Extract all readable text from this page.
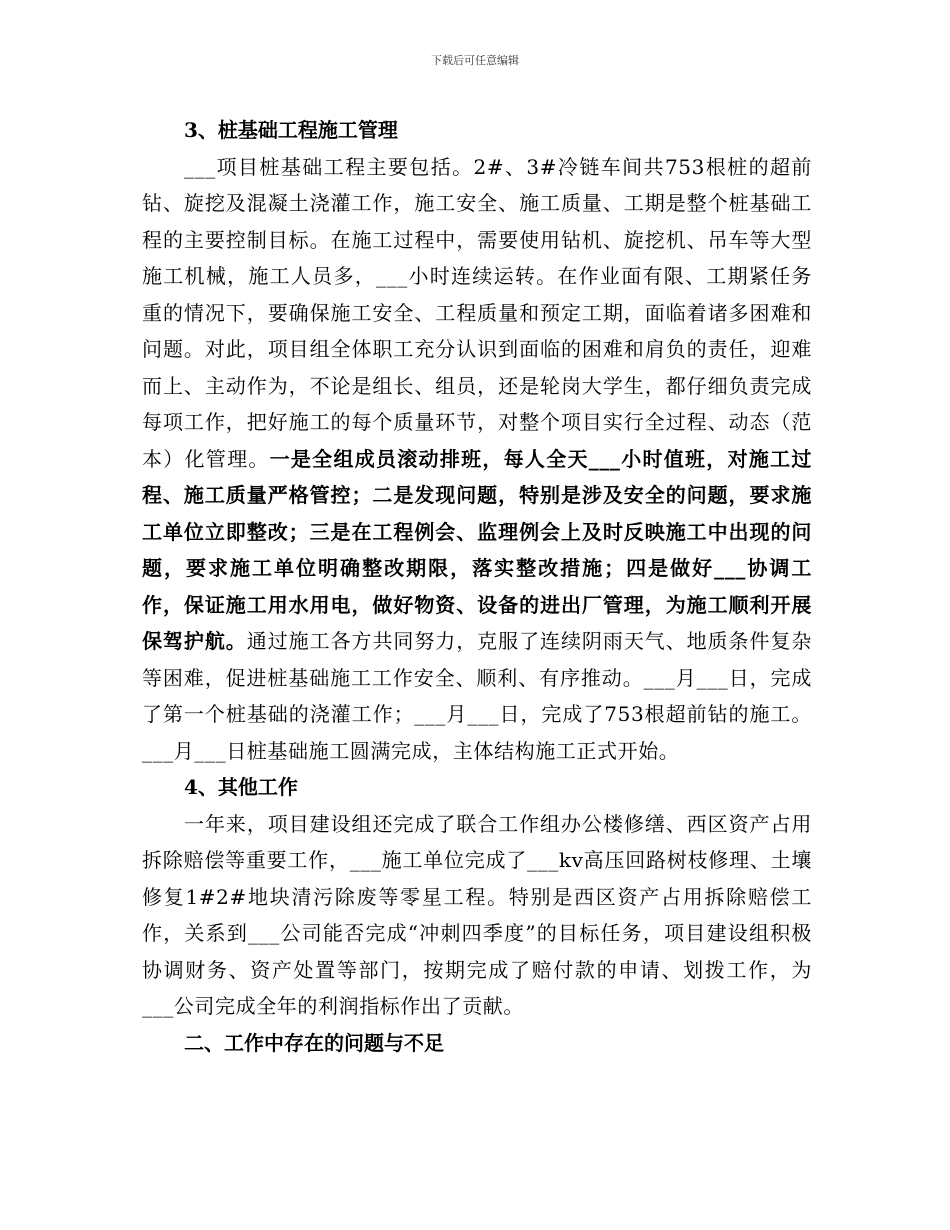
下载后可任意编辑

3、桩基础工程施工管理

___项目桩基础工程主要包括。2#、3#冷链车间共753根桩的超前钻、旋挖及混凝土浇灌工作，施工安全、施工质量、工期是整个桩基础工程的主要控制目标。在施工过程中，需要使用钻机、旋挖机、吊车等大型施工机械，施工人员多，___小时连续运转。在作业面有限、工期紧任务重的情况下，要确保施工安全、工程质量和预定工期，面临着诸多困难和问题。对此，项目组全体职工充分认识到面临的困难和肩负的责任，迎难而上、主动作为，不论是组长、组员，还是轮岗大学生，都仔细负责完成每项工作，把好施工的每个质量环节，对整个项目实行全过程、动态（范本）化管理。一是全组成员滚动排班，每人全天___小时值班，对施工过程、施工质量严格管控；二是发现问题，特别是涉及安全的问题，要求施工单位立即整改；三是在工程例会、监理例会上及时反映施工中出现的问题，要求施工单位明确整改期限，落实整改措施；四是做好___协调工作，保证施工用水用电，做好物资、设备的进出厂管理，为施工顺利开展保驾护航。通过施工各方共同努力，克服了连续阴雨天气、地质条件复杂等困难，促进桩基础施工工作安全、顺利、有序推动。___月___日，完成了第一个桩基础的浇灌工作；___月___日，完成了753根超前钻的施工。___月___日桩基础施工圆满完成，主体结构施工正式开始。

4、其他工作

一年来，项目建设组还完成了联合工作组办公楼修缮、西区资产占用拆除赔偿等重要工作，___施工单位完成了___kv高压回路树枝修理、土壤修复1#2#地块清污除废等零星工程。特别是西区资产占用拆除赔偿工作，关系到___公司能否完成“冲刺四季度”的目标任务，项目建设组积极协调财务、资产处置等部门，按期完成了赔付款的申请、划拨工作，为___公司完成全年的利润指标作出了贡献。

二、工作中存在的问题与不足
